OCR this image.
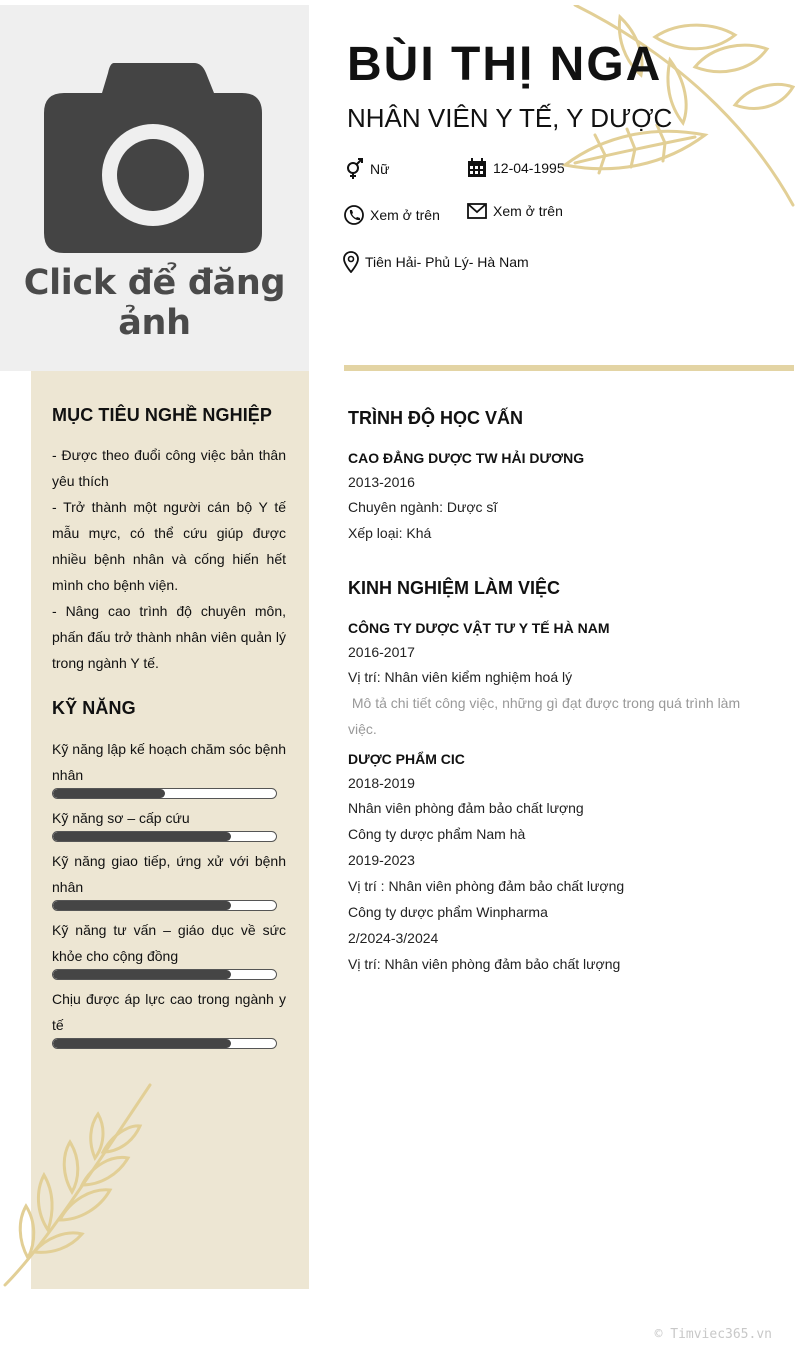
Click để đăng ảnh
MỤC TIÊU NGHỀ NGHIỆP

- Được theo đuổi công việc bản thân yêu thích

- Trở thành một người cán bộ Y tế mẫu mực, có thể cứu giúp được nhiều bệnh nhân và cống hiến hết mình cho bệnh viện.

- Nâng cao trình độ chuyên môn, phấn đấu trở thành nhân viên quản lý trong ngành Y tế.

KỸ NĂNG
Kỹ năng lập kế hoạch chăm sóc bệnh nhân
Kỹ năng sơ – cấp cứu
Kỹ năng giao tiếp, ứng xử với bệnh nhân
Kỹ năng tư vấn – giáo dục về sức khỏe cho cộng đồng
Chịu được áp lực cao trong ngành y tế
BÙI THỊ NGA
NHÂN VIÊN Y TẾ, Y DƯỢC
Nữ	12-04-1995
Xem ở trên	Xem ở trên
Tiên Hải- Phủ Lý- Hà Nam
TRÌNH ĐỘ HỌC VẤN
CAO ĐẲNG DƯỢC TW HẢI DƯƠNG
2013-2016
Chuyên ngành: Dược sĩ
Xếp loại: Khá
KINH NGHIỆM LÀM VIỆC
CÔNG TY DƯỢC VẬT TƯ Y TẾ HÀ NAM
2016-2017
Vị trí: Nhân viên kiểm nghiệm hoá lý
Mô tả chi tiết công việc, những gì đạt được trong quá trình làm
việc.
DƯỢC PHẨM CIC
2018-2019
Nhân viên phòng đảm bảo chất lượng
Công ty dược phẩm Nam hà
2019-2023
Vị trí : Nhân viên phòng đảm bảo chất lượng
Công ty dược phẩm Winpharma
2/2024-3/2024
Vị trí: Nhân viên phòng đảm bảo chất lượng
© Timviec365.vn
